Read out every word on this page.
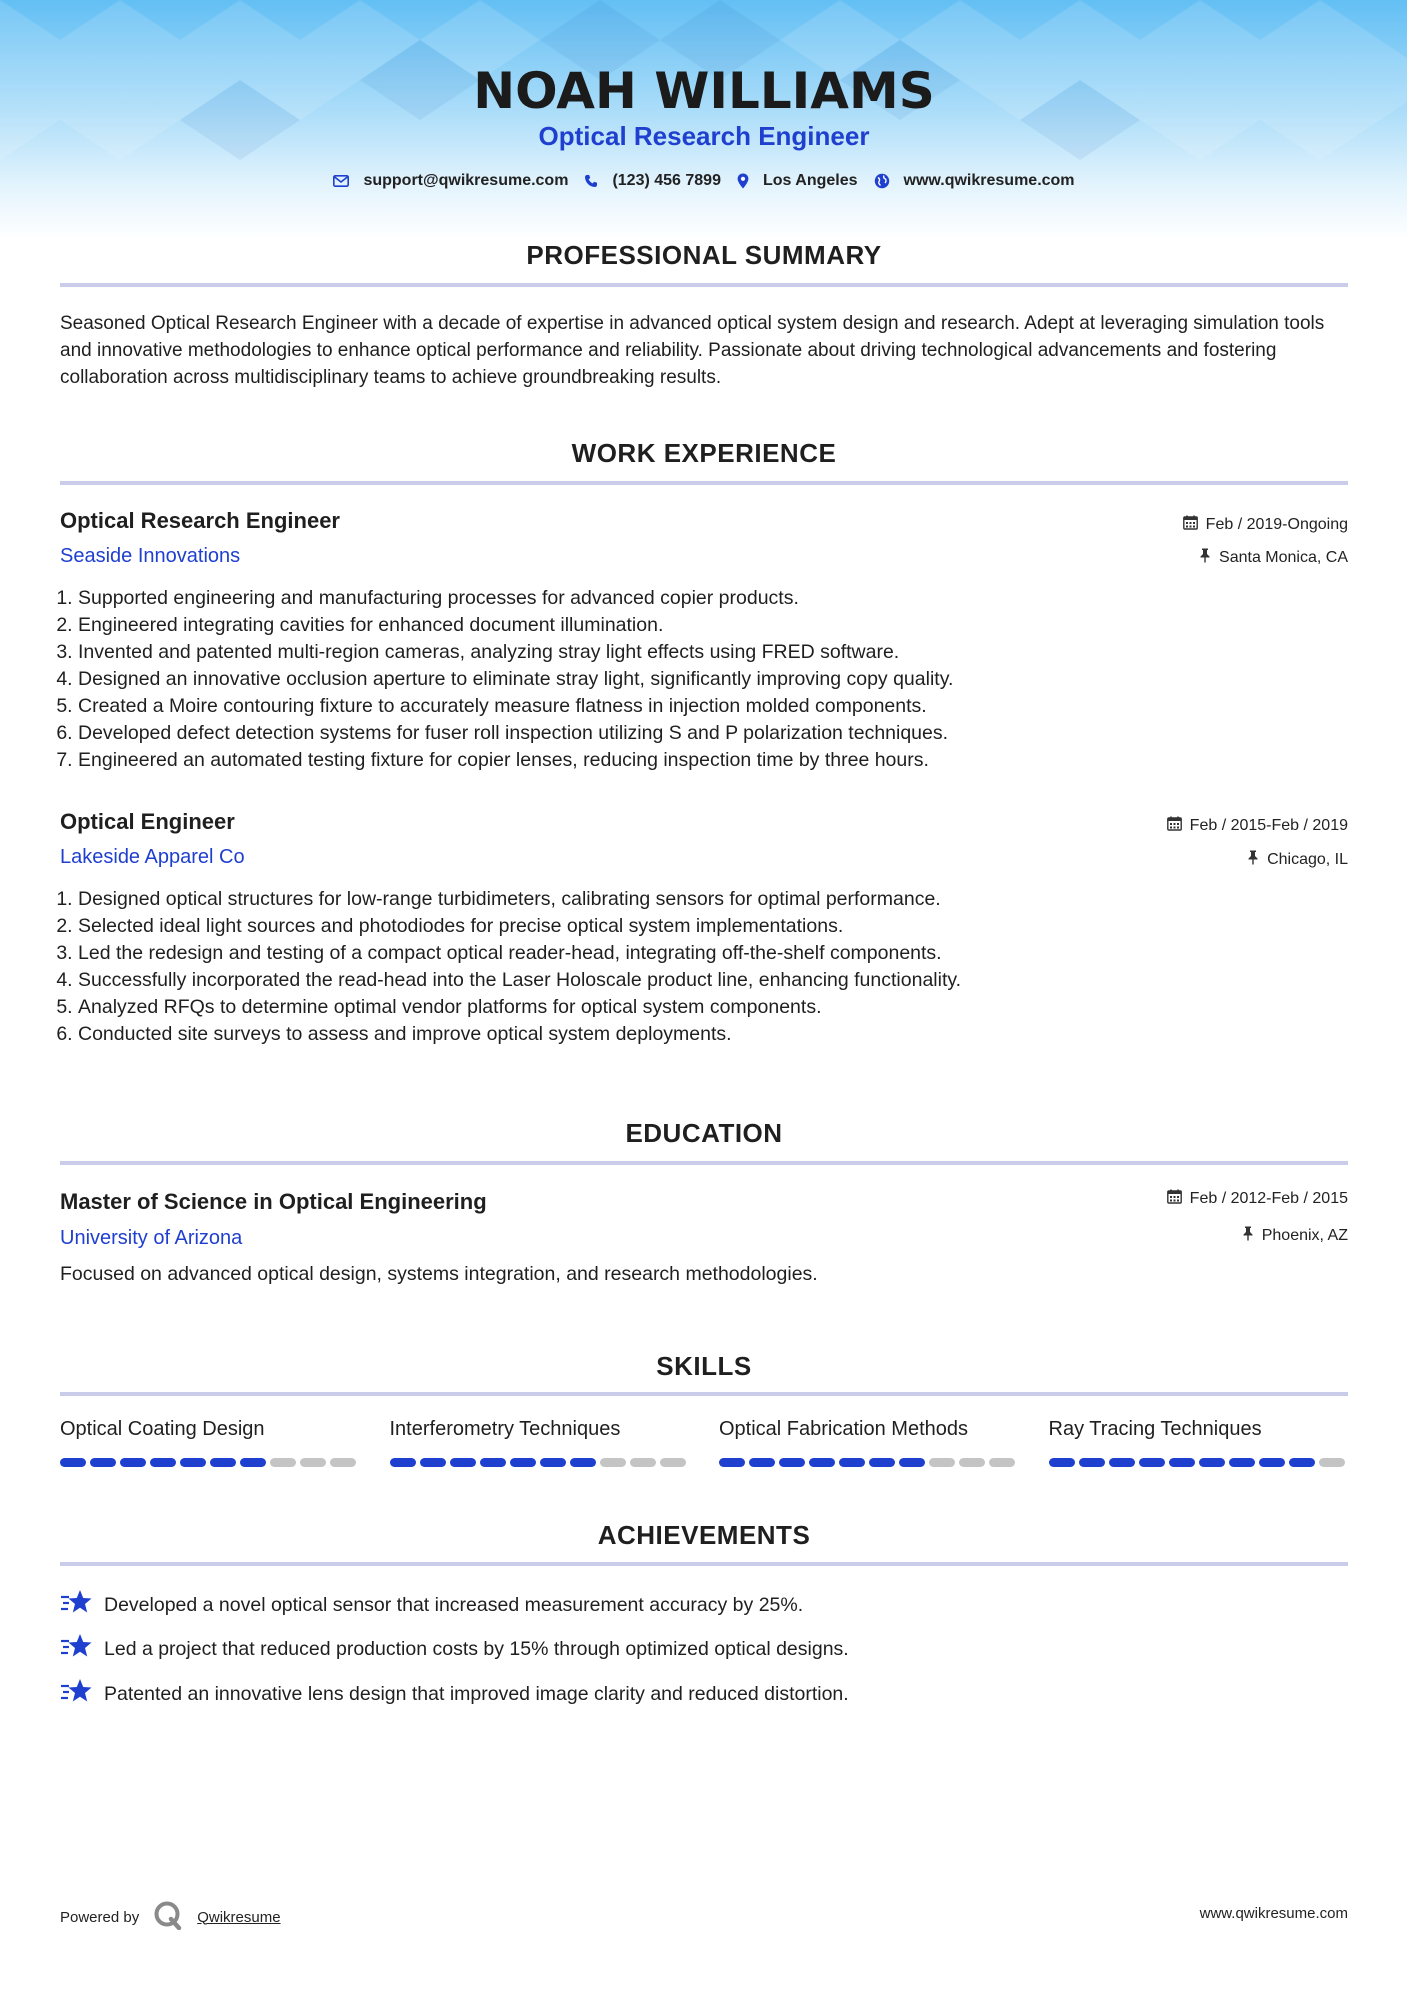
NOAH WILLIAMS
Optical Research Engineer
support@qwikresume.com	(123) 456 7899	Los Angeles	www.qwikresume.com
PROFESSIONAL SUMMARY
Seasoned Optical Research Engineer with a decade of expertise in advanced optical system design and research. Adept at leveraging simulation tools and innovative methodologies to enhance optical performance and reliability. Passionate about driving technological advancements and fostering collaboration across multidisciplinary teams to achieve groundbreaking results.
WORK EXPERIENCE
Optical Research Engineer
Seaside Innovations
Feb / 2019-Ongoing
Santa Monica, CA
1. Supported engineering and manufacturing processes for advanced copier products.
2. Engineered integrating cavities for enhanced document illumination.
3. Invented and patented multi-region cameras, analyzing stray light effects using FRED software.
4. Designed an innovative occlusion aperture to eliminate stray light, significantly improving copy quality.
5. Created a Moire contouring fixture to accurately measure flatness in injection molded components.
6. Developed defect detection systems for fuser roll inspection utilizing S and P polarization techniques.
7. Engineered an automated testing fixture for copier lenses, reducing inspection time by three hours.
Optical Engineer
Lakeside Apparel Co
Feb / 2015-Feb / 2019
Chicago, IL
1. Designed optical structures for low-range turbidimeters, calibrating sensors for optimal performance.
2. Selected ideal light sources and photodiodes for precise optical system implementations.
3. Led the redesign and testing of a compact optical reader-head, integrating off-the-shelf components.
4. Successfully incorporated the read-head into the Laser Holoscale product line, enhancing functionality.
5. Analyzed RFQs to determine optimal vendor platforms for optical system components.
6. Conducted site surveys to assess and improve optical system deployments.
EDUCATION
Master of Science in Optical Engineering
University of Arizona
Feb / 2012-Feb / 2015
Phoenix, AZ
Focused on advanced optical design, systems integration, and research methodologies.
SKILLS
Optical Coating Design	Interferometry Techniques	Optical Fabrication Methods	Ray Tracing Techniques
ACHIEVEMENTS
Developed a novel optical sensor that increased measurement accuracy by 25%.
Led a project that reduced production costs by 15% through optimized optical designs.
Patented an innovative lens design that improved image clarity and reduced distortion.
Powered by	Qwikresume	www.qwikresume.com
